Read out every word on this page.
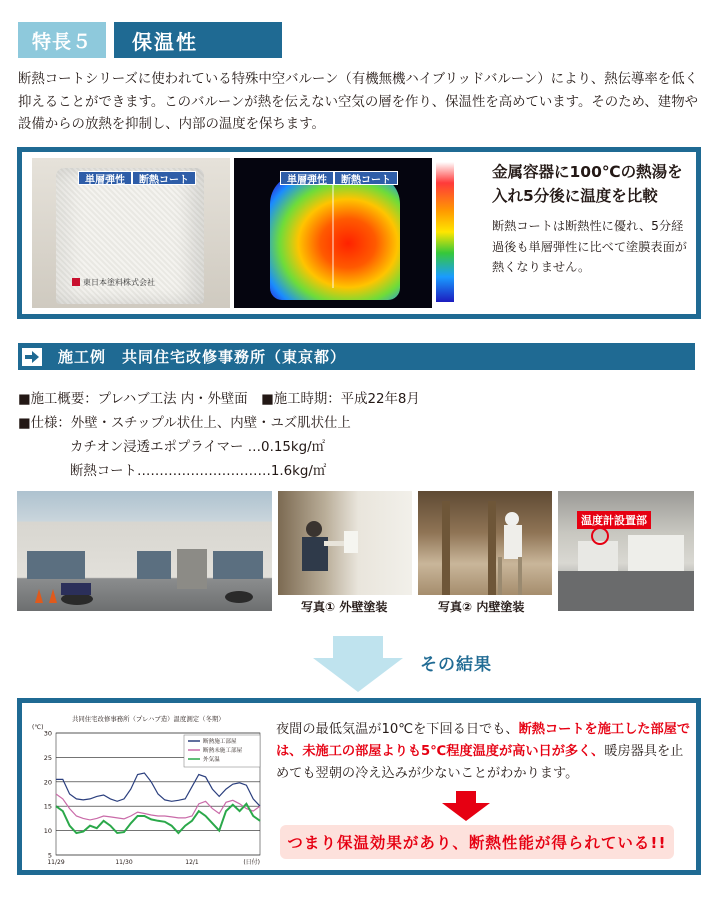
特長５	保温性

断熱コートシリーズに使われている特殊中空バルーン（有機無機ハイブリッドバルーン）により、熱伝導率を低く抑えることができます。このバルーンが熱を伝えない空気の層を作り、保温性を高めています。そのため、建物や設備からの放熱を抑制し、内部の温度を保ちます。

単層弾性	断熱コート
東日本塗料株式会社
単層弾性	断熱コート	金属容器に100℃の熱湯を
入れ5分後に温度を比較

断熱コートは断熱性に優れ、5分経過後も単層弾性に比べて塗膜表面が熱くなりません。

施工例　共同住宅改修事務所（東京都）
■施工概要：プレハブ工法 内・外壁面　■施工時期：平成22年8月
■仕様：外壁・スチップル状仕上、内壁・ユズ肌状仕上
カチオン浸透エポプライマー …0.15kg/㎡
断熱コート…………………………1.6kg/㎡
温度計設置部
写真① 外壁塗装	写真② 内壁塗装
その結果
共同住宅改修事務所（プレハブ造）温度測定（冬期）
(℃)
5
10
15
20
25
30
11/29	11/30	12/1	(日付)
断熱施工部屋
断熱未施工部屋
外気温

夜間の最低気温が10℃を下回る日でも、断熱コートを施工した部屋では、未施工の部屋よりも5℃程度温度が高い日が多く、暖房器具を止めても翌朝の冷え込みが少ないことがわかります。

つまり保温効果があり、断熱性能が得られている!!
